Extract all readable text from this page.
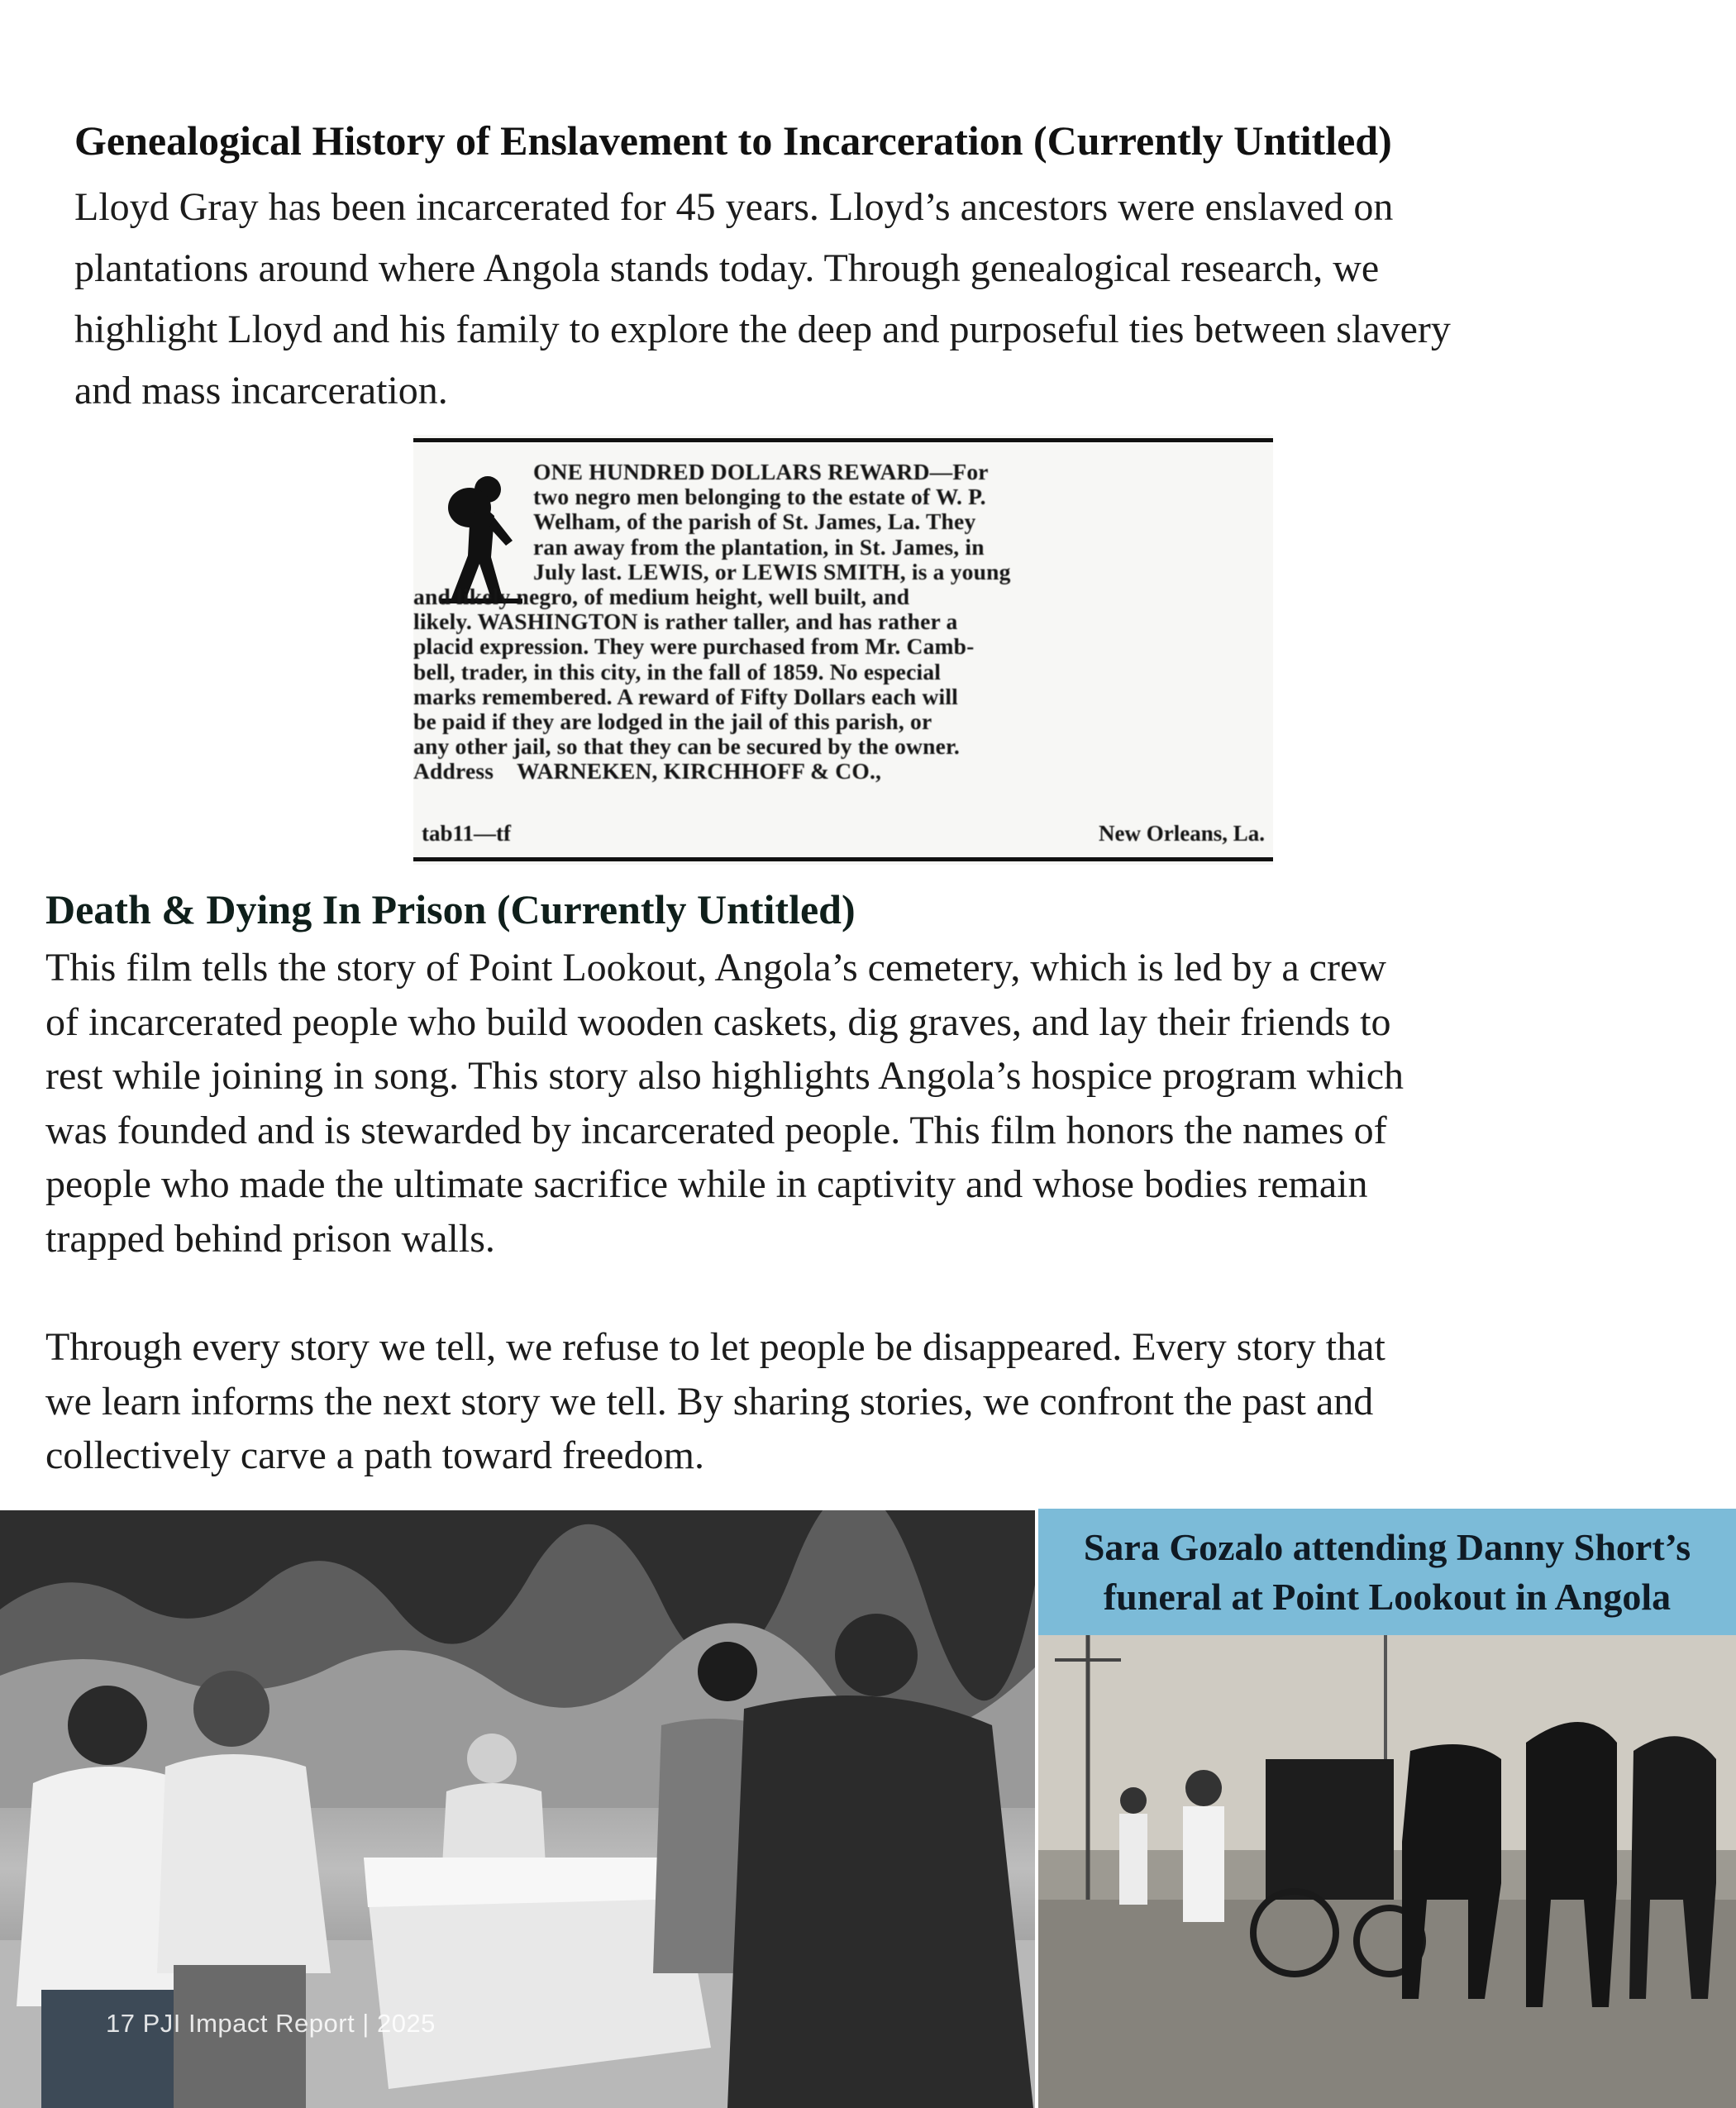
Genealogical History of Enslavement to Incarceration (Currently Untitled)
Lloyd Gray has been incarcerated for 45 years. Lloyd’s ancestors were enslaved on
plantations around where Angola stands today. Through genealogical research, we
highlight Lloyd and his family to explore the deep and purposeful ties between slavery
and mass incarceration.
ONE HUNDRED DOLLARS REWARD—For
two negro men belonging to the estate of W. P.
Welham, of the parish of St. James, La. They
ran away from the plantation, in St. James, in
July last. LEWIS, or LEWIS SMITH, is a young
and likely negro, of medium height, well built, and
likely. WASHINGTON is rather taller, and has rather a
placid expression. They were purchased from Mr. Camb-
bell, trader, in this city, in the fall of 1859. No especial
marks remembered. A reward of Fifty Dollars each will
be paid if they are lodged in the jail of this parish, or
any other jail, so that they can be secured by the owner.
Address    WARNEKEN, KIRCHHOFF & CO.,
tab11—tf	New Orleans, La.
Death & Dying In Prison (Currently Untitled)
This film tells the story of Point Lookout, Angola’s cemetery, which is led by a crew
of incarcerated people who build wooden caskets, dig graves, and lay their friends to
rest while joining in song. This story also highlights Angola’s hospice program which
was founded and is stewarded by incarcerated people. This film honors the names of
people who made the ultimate sacrifice while in captivity and whose bodies remain
trapped behind prison walls.
Through every story we tell, we refuse to let people be disappeared. Every story that
we learn informs the next story we tell. By sharing stories, we confront the past and
collectively carve a path toward freedom.
Sara Gozalo attending Danny Short’s
funeral at Point Lookout in Angola
17 PJI Impact Report | 2025
